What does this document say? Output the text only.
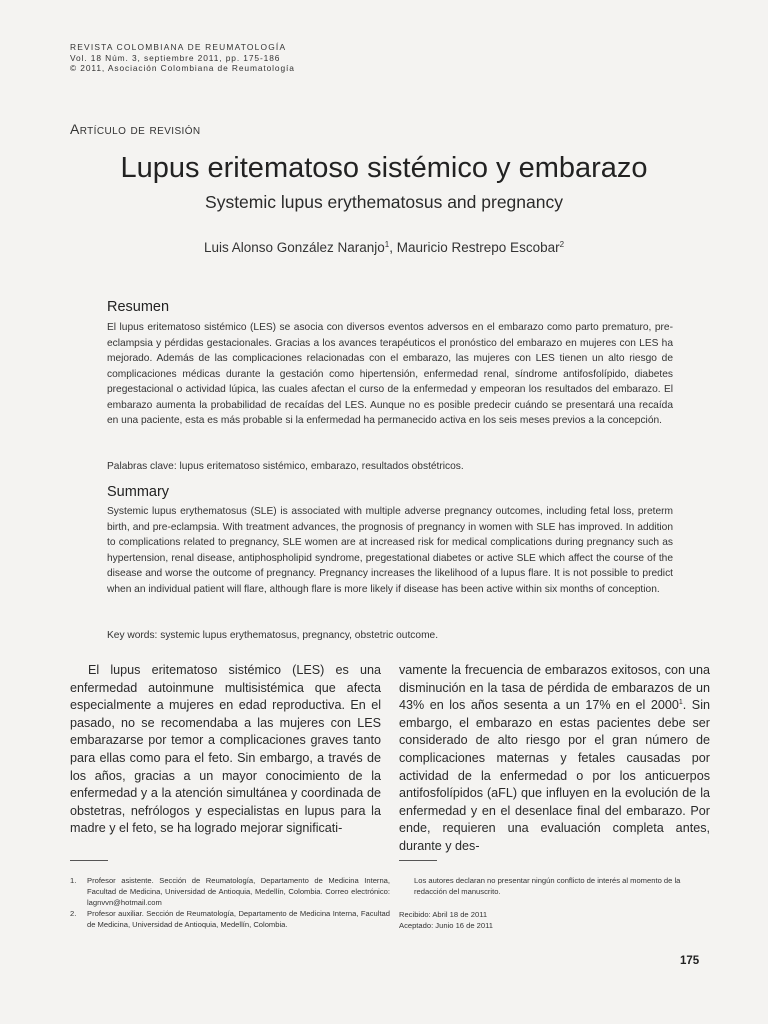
REVISTA COLOMBIANA DE REUMATOLOGÍA
Vol. 18 Núm. 3, septiembre 2011, pp. 175-186
© 2011, Asociación Colombiana de Reumatología
Artículo de revisión
Lupus eritematoso sistémico y embarazo
Systemic lupus erythematosus and pregnancy
Luis Alonso González Naranjo$^1$, Mauricio Restrepo Escobar$^2$
Resumen

El lupus eritematoso sistémico (LES) se asocia con diversos eventos adversos en el embarazo como parto prematuro, pre-eclampsia y pérdidas gestacionales. Gracias a los avances terapéuticos el pronóstico del embarazo en mujeres con LES ha mejorado. Además de las complicaciones relacionadas con el embarazo, las mujeres con LES tienen un alto riesgo de complicaciones médicas durante la gestación como hipertensión, enfermedad renal, síndrome antifosfolípido, diabetes pregestacional o actividad lúpica, las cuales afectan el curso de la enfermedad y empeoran los resultados del embarazo. El embarazo aumenta la probabilidad de recaídas del LES. Aunque no es posible predecir cuándo se presentará una recaída en una paciente, esta es más probable si la enfermedad ha permanecido activa en los seis meses previos a la concepción.

Palabras clave: lupus eritematoso sistémico, embarazo, resultados obstétricos.
Summary

Systemic lupus erythematosus (SLE) is associated with multiple adverse pregnancy outcomes, including fetal loss, preterm birth, and pre-eclampsia. With treatment advances, the prognosis of pregnancy in women with SLE has improved. In addition to complications related to pregnancy, SLE women are at increased risk for medical complications during pregnancy such as hypertension, renal disease, antiphospholipid syndrome, pregestational diabetes or active SLE which affect the course of the disease and worse the outcome of pregnancy. Pregnancy increases the likelihood of a lupus flare. It is not possible to predict when an individual patient will flare, although flare is more likely if disease has been active within six months of conception.

Key words: systemic lupus erythematosus, pregnancy, obstetric outcome.

El lupus eritematoso sistémico (LES) es una enfermedad autoinmune multisistémica que afecta especialmente a mujeres en edad reproductiva. En el pasado, no se recomendaba a las mujeres con LES embarazarse por temor a complicaciones graves tanto para ellas como para el feto. Sin embargo, a través de los años, gracias a un mayor conocimiento de la enfermedad y a la atención simultánea y coordinada de obstetras, nefrólogos y especialistas en lupus para la madre y el feto, se ha logrado mejorar significati-

vamente la frecuencia de embarazos exitosos, con una disminución en la tasa de pérdida de embarazos de un 43% en los años sesenta a un 17% en el 2000$^1$. Sin embargo, el embarazo en estas pacientes debe ser considerado de alto riesgo por el gran número de complicaciones maternas y fetales causadas por actividad de la enfermedad o por los anticuerpos antifosfolípidos (aFL) que influyen en la evolución de la enfermedad y en el desenlace final del embarazo. Por ende, requieren una evaluación completa antes, durante y des-

1. Profesor asistente. Sección de Reumatología, Departamento de Medicina Interna, Facultad de Medicina, Universidad de Antioquia, Medellín, Colombia. Correo electrónico: lagnvvn@hotmail.com
2. Profesor auxiliar. Sección de Reumatología, Departamento de Medicina Interna, Facultad de Medicina, Universidad de Antioquia, Medellín, Colombia.

Los autores declaran no presentar ningún conflicto de interés al momento de la redacción del manuscrito.

Recibido: Abril 18 de 2011
Aceptado: Junio 16 de 2011
175
